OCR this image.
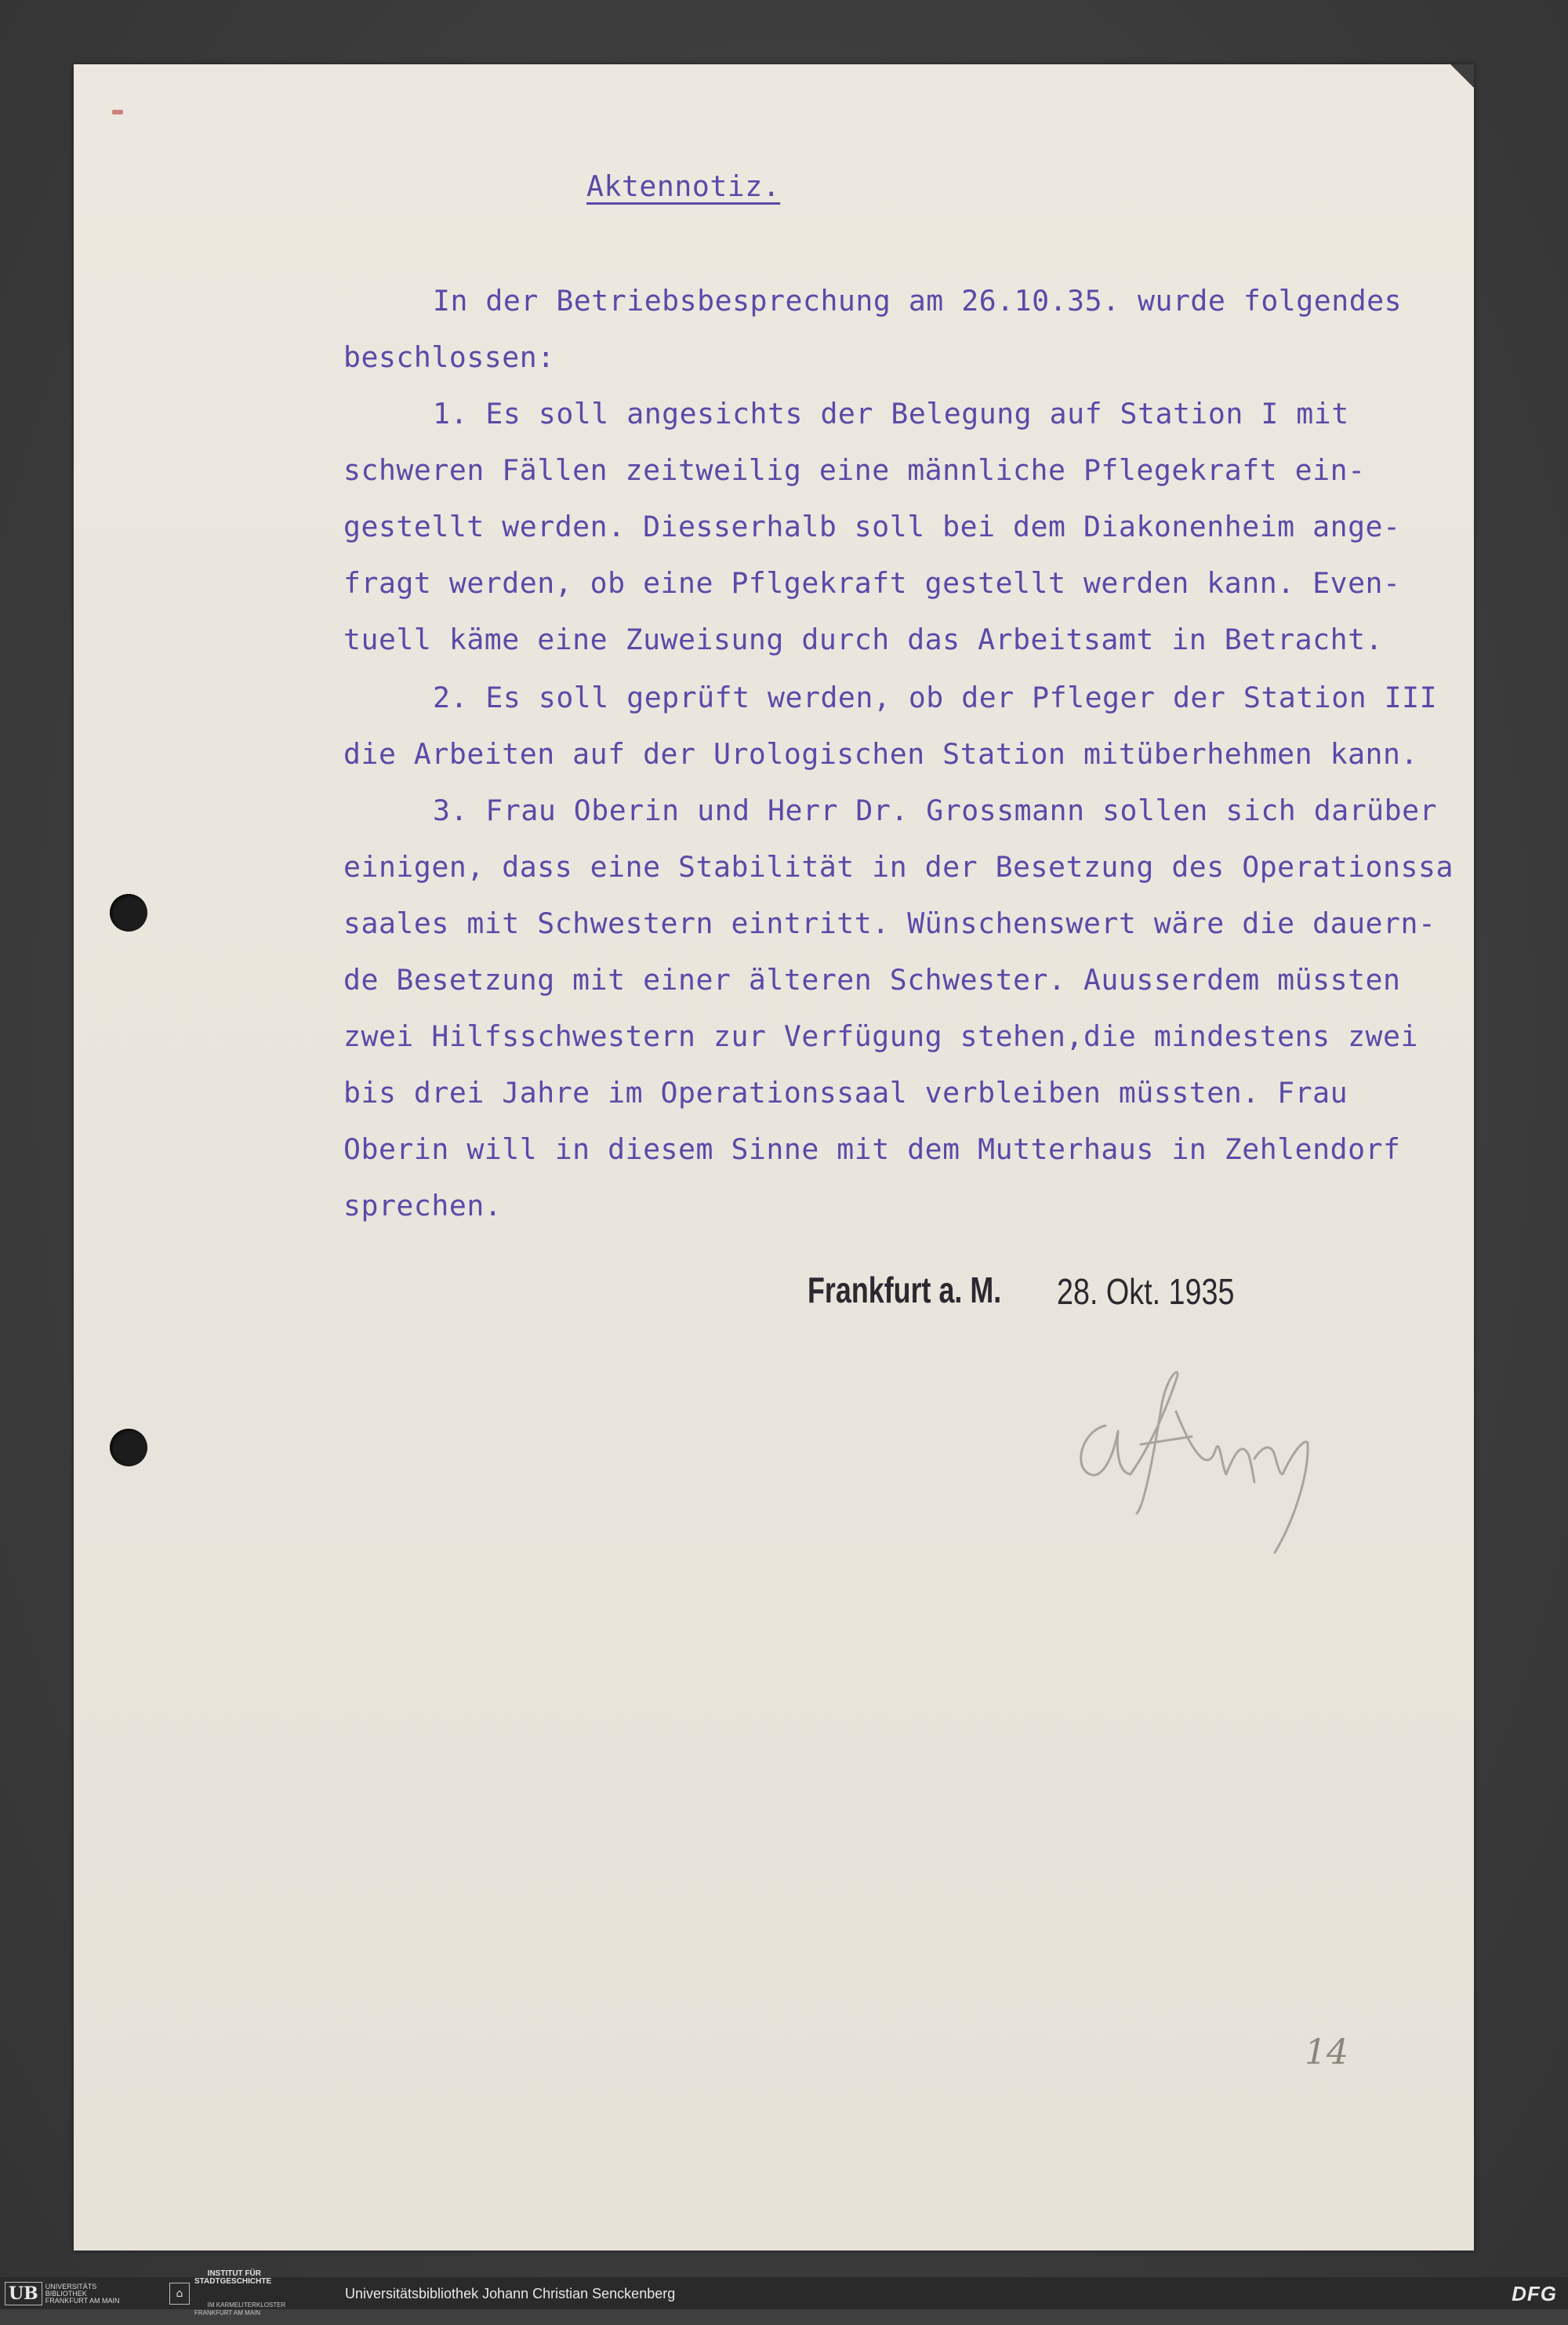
Aktennotiz.
In der Betriebsbesprechung am 26.10.35. wurde folgendes
beschlossen:
1. Es soll angesichts der Belegung auf Station I mit
schweren Fällen zeitweilig eine männliche Pflegekraft ein-
gestellt werden. Diesserhalb soll bei dem Diakonenheim ange-
fragt werden, ob eine Pflgekraft gestellt werden kann. Even-
tuell käme eine Zuweisung durch das Arbeitsamt in Betracht.
2. Es soll geprüft werden, ob der Pfleger der Station III
die Arbeiten auf der Urologischen Station mitüberhehmen kann.
3. Frau Oberin und Herr Dr. Grossmann sollen sich darüber
einigen, dass eine Stabilität in der Besetzung des Operationssa
saales mit Schwestern eintritt. Wünschenswert wäre die dauern-
de Besetzung mit einer älteren Schwester. Auusserdem müssten
zwei Hilfsschwestern zur Verfügung stehen,die mindestens zwei
bis drei Jahre im Operationssaal verbleiben müssten. Frau
Oberin will in diesem Sinne mit dem Mutterhaus in Zehlendorf
sprechen.
Frankfurt a. M. 28. Okt. 1935
14
UB	UNIVERSITÄTS
BIBLIOTHEK
FRANKFURT AM MAIN
⌂

INSTITUT FÜR
STADTGESCHICHTE

IM KARMELITERKLOSTER
FRANKFURT AM MAIN

Universitätsbibliothek Johann Christian Senckenberg	DFG
